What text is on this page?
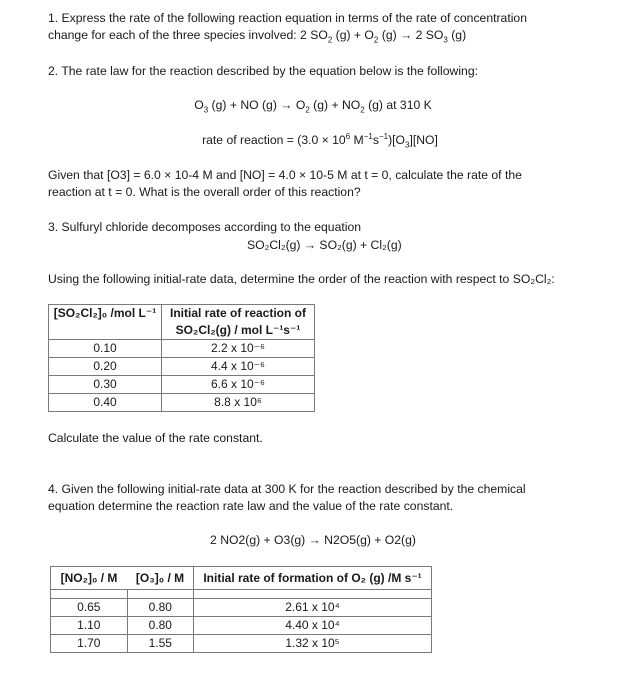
1. Express the rate of the following reaction equation in terms of the rate of concentration
change for each of the three species involved: 2 $SO_2$ $(g) + O_2$ (g) → 2 $SO_3$ (g)
2. The rate law for the reaction described by the equation below is the following:
$O_3$ (g) + NO $(g) \to O_2$ $(g) + NO_2$ (g) at 310 K
rate of reaction = ($3.0 \times 10^6$ $M^{-1}s^{-1})[O_3][NO]$
Given that [O3] = 6.0 × 10-4 M and [NO] = 4.0 × 10-5 M at t = 0, calculate the rate of the
reaction at t = 0. What is the overall order of this reaction?
3. Sulfuryl chloride decomposes according to the equation
SO₂Cl₂(g) → SO₂(g) + Cl₂(g)
Using the following initial-rate data, determine the order of the reaction with respect to SO₂Cl₂:
[SO₂Cl₂]₀ /mol L⁻¹	Initial rate of reaction of
SO₂Cl₂(g) / mol L⁻¹s⁻¹

0.10	2.2 x 10⁻⁶
0.20	4.4 x 10⁻⁶
0.30	6.6 x 10⁻⁶
0.40	8.8 x 10⁶
Calculate the value of the rate constant.
4. Given the following initial-rate data at 300 K for the reaction described by the chemical
equation determine the reaction rate law and the value of the rate constant.
2 NO2(g) + O3(g) → N2O5(g) + O2(g)
[NO₂]₀ / M	[O₃]₀ / M	Initial rate of formation of O₂ (g) /M s⁻¹

0.65	0.80	2.61 x 10⁴
1.10	0.80	4.40 x 10⁴
1.70	1.55	1.32 x 10⁵
